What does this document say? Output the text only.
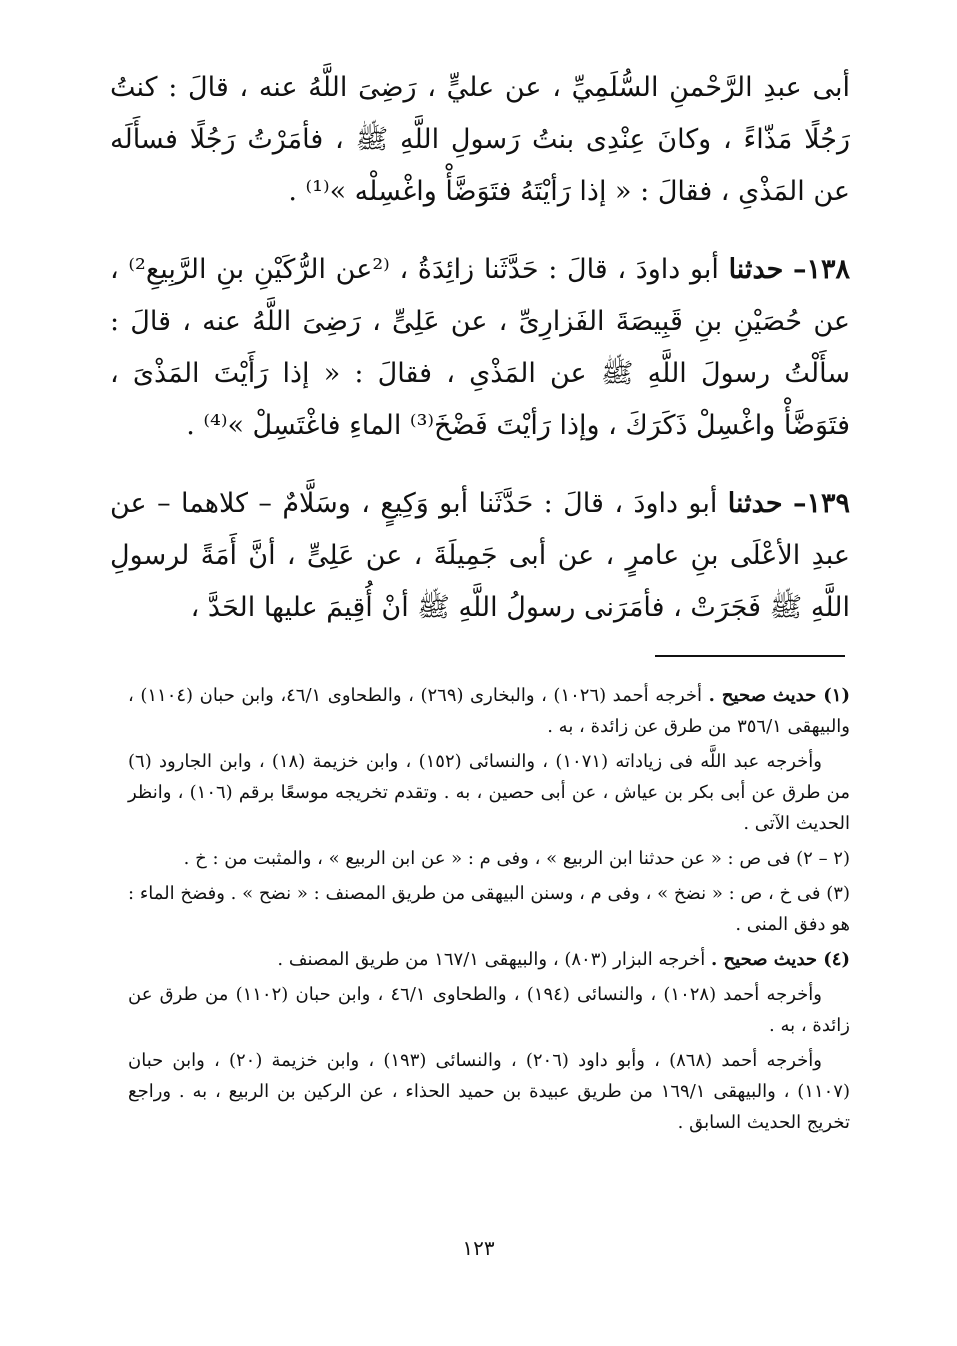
أبى عبدِ الرَّحْمنِ السُّلَمِيِّ ، عن عليٍّ ، رَضِىَ اللَّهُ عنه ، قالَ : كنتُ رَجُلًا مَذّاءً ، وكانَ عِنْدِى بنتُ رَسولِ اللَّهِ ﷺ ، فأمَرْتُ رَجُلًا فسأَلَه عن المَذْىِ ، فقالَ : « إذا رَأيْتَهُ فتَوَضَّأْ واغْسِلْه »⁽¹⁾ .

١٣٨– حدثنا أبو داودَ ، قالَ : حَدَّثَنا زائِدَةُ ، ⁽²عن الرُّكَيْنِ بنِ الرَّبِيعِ²⁾ ، عن حُصَيْنِ بنِ قَبِيصَةَ الفَزارِىِّ ، عن عَلِىٍّ ، رَضِىَ اللَّهُ عنه ، قالَ : سأَلْتُ رسولَ اللَّهِ ﷺ عن المَذْىِ ، فقالَ : « إذا رَأَيْتَ المَذْىَ ، فتَوَضَّأْ واغْسِلْ ذَكَرَكَ ، وإذا رَأيْتَ فَضْخَ⁽³⁾ الماءِ فاغْتَسِلْ »⁽⁴⁾ .

١٣٩– حدثنا أبو داودَ ، قالَ : حَدَّثَنا أبو وَكِيعٍ ، وسَلَّامٌ – كلاهما – عن عبدِ الأعْلَى بنِ عامرٍ ، عن أبى جَمِيلَةَ ، عن عَلِىٍّ ، أنَّ أَمَةً لرسولِ اللَّهِ ﷺ فَجَرَتْ ، فأمَرَنى رسولُ اللَّهِ ﷺ أنْ أُقِيمَ عليها الحَدَّ ،

(١) حديث صحيح . أخرجه أحمد (١٠٢٦) ، والبخارى (٢٦٩) ، والطحاوى ٤٦/١، وابن حبان (١١٠٤) ، والبيهقى ٣٥٦/١ من طرق عن زائدة ، به .

وأخرجه عبد اللَّه فى زياداته (١٠٧١) ، والنسائى (١٥٢) ، وابن خزيمة (١٨) ، وابن الجارود (٦) من طرق عن أبى بكر بن عياش ، عن أبى حصين ، به . وتقدم تخريجه موسعًا برقم (١٠٦) ، وانظر الحديث الآتى .

(٢ – ٢) فى ص : « عن حدثنا ابن الربيع » ، وفى م : « عن ابن الربيع » ، والمثبت من : خ .

(٣) فى خ ، ص : « نضخ » ، وفى م ، وسنن البيهقى من طريق المصنف : « نضح » . وفضخ الماء : هو دفق المنى .

(٤) حديث صحيح . أخرجه البزار (٨٠٣) ، والبيهقى ١٦٧/١ من طريق المصنف .

وأخرجه أحمد (١٠٢٨) ، والنسائى (١٩٤) ، والطحاوى ٤٦/١ ، وابن حبان (١١٠٢) من طرق عن زائدة ، به .

وأخرجه أحمد (٨٦٨) ، وأبو داود (٢٠٦) ، والنسائى (١٩٣) ، وابن خزيمة (٢٠) ، وابن حبان (١١٠٧) ، والبيهقى ١٦٩/١ من طريق عبيدة بن حميد الحذاء ، عن الركين بن الربيع ، به . وراجع تخريج الحديث السابق .

١٢٣
